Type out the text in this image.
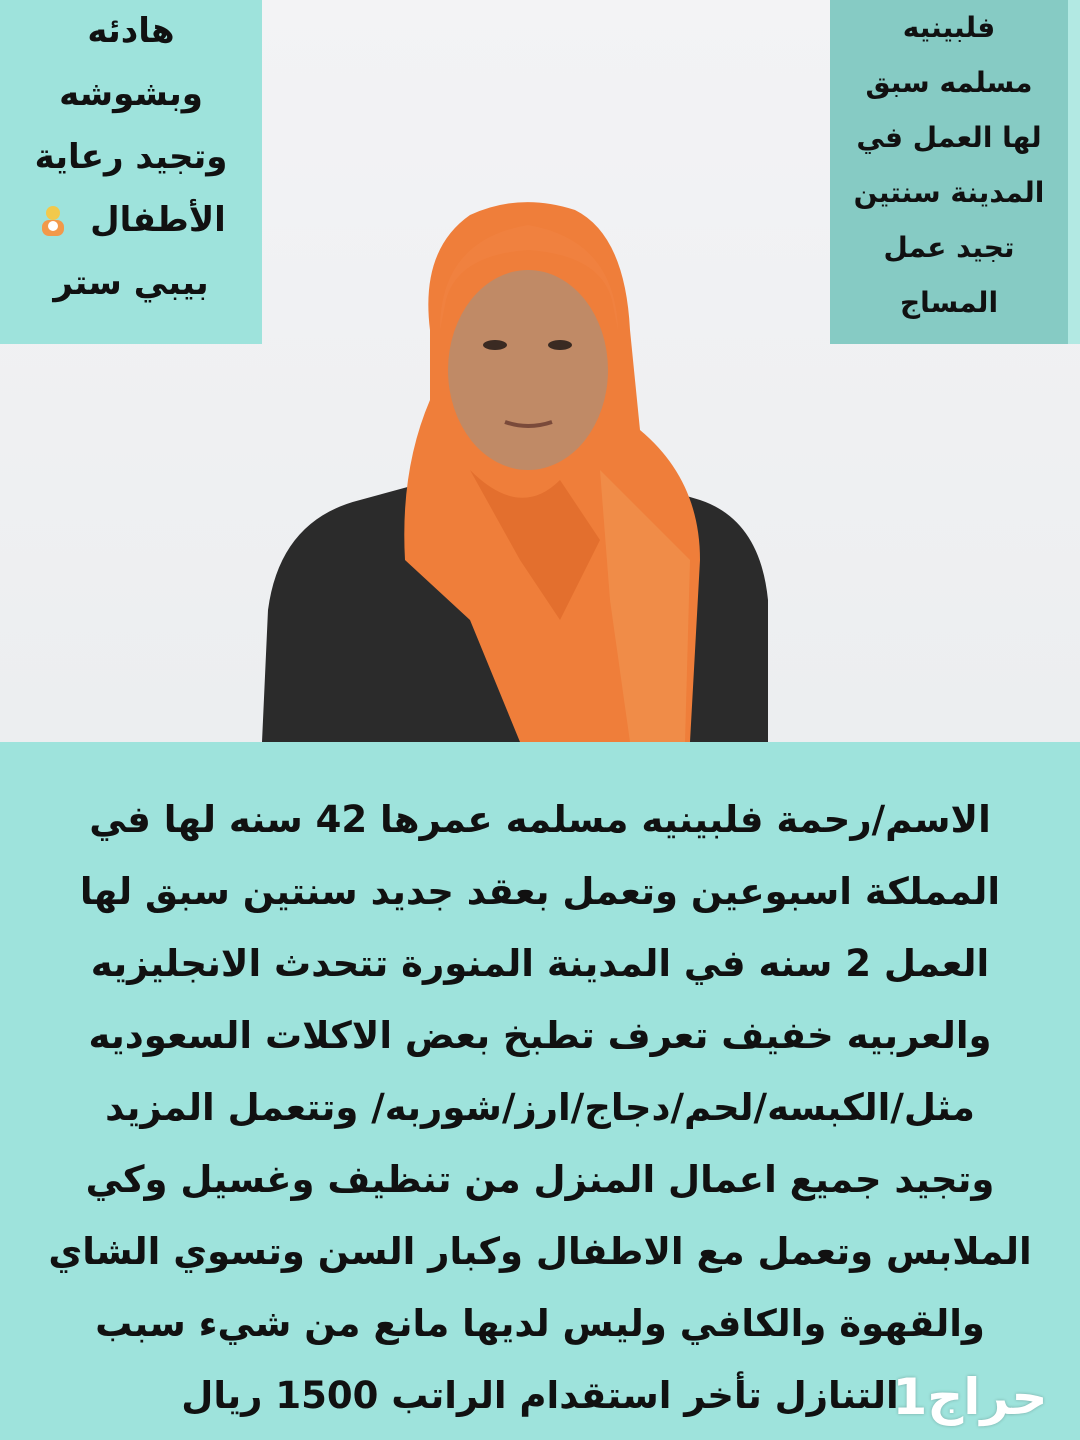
هادئه
وبشوشه
وتجيد رعاية
الأطفال
بيبي ستر
فلبينيه
مسلمه سبق
لها العمل في
المدينة سنتين
تجيد عمل
المساج
الاسم/رحمة فلبينيه مسلمه عمرها 42 سنه لها في
المملكة اسبوعين وتعمل بعقد جديد سنتين سبق لها
العمل 2 سنه في المدينة المنورة تتحدث الانجليزيه
والعربيه خفيف تعرف تطبخ بعض الاكلات السعوديه
مثل/الكبسه/لحم/دجاج/ارز/شوربه/ وتتعمل المزيد
وتجيد جميع اعمال المنزل من تنظيف وغسيل وكي
الملابس وتعمل مع الاطفال وكبار السن وتسوي الشاي
والقهوة والكافي وليس لديها مانع من شيء سبب
التنازل تأخر استقدام الراتب 1500 ريال
حراج1
